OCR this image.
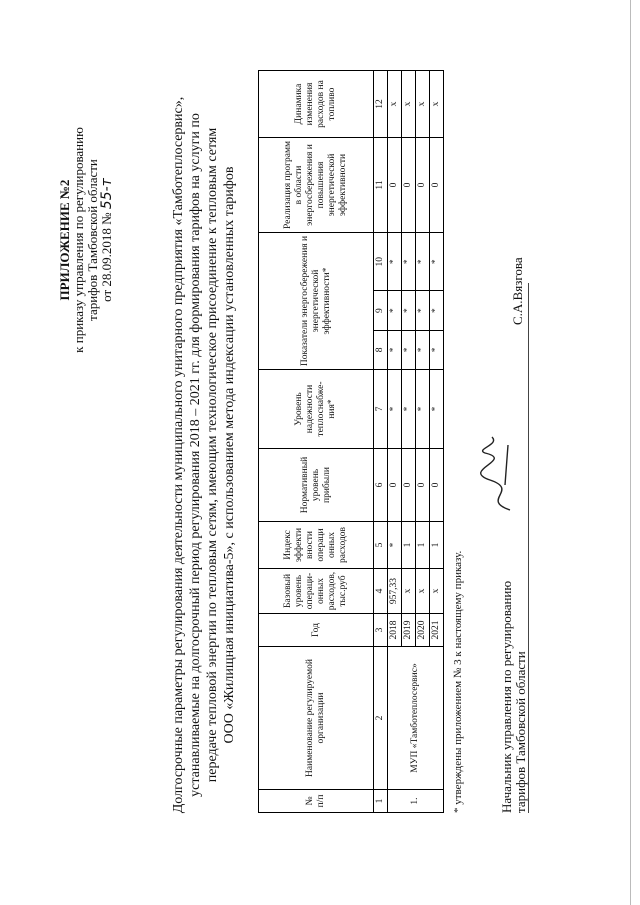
ПРИЛОЖЕНИЕ №2 к приказу управления по регулированию тарифов Тамбовской области от 28.09.2018 № 55-т	Долгосрочные параметры регулирования деятельности муниципального унитарного предприятия «Тамботеплосервис», устанавливаемые на долгосрочный период регулирования 2018 – 2021 гг. для формирования тарифов на услуги по передаче тепловой энергии по тепловым сетям, имеющим технологическое присоединение к тепловым сетям ООО «Жилищная инициатива-5», с использованием метода индексации установленных тарифов
№ п/п	Наименование регулируемой организации	Год	Базовый уровень операци-онных расходов, тыс.руб	Индекс эффекти вности операци онных расходов	Нормативный уровень прибыли	Уровень надежности теплоснабже-ния*	Показатели энергосбережения и энергетической эффективности*			Реализация программ в области энергосбережения и повышения энергетической эффективности	Динамика изменения расходов на топливо
1	2	3	4	5	6	7	8	9	10	11	12
1.	МУП «Тамботеплосервис»	2018	957,33	*	0	*	*	*	*	0	х
		2019	х	1	0	*	*	*	*	0	х
		2020	х	1	0	*	*	*	*	0	х
		2021	х	1	0	*	*	*	*	0	х
* утверждены приложением № 3 к настоящему приказу.	Начальник управления по регулированию тарифов Тамбовской области
С.А.Вязгова
